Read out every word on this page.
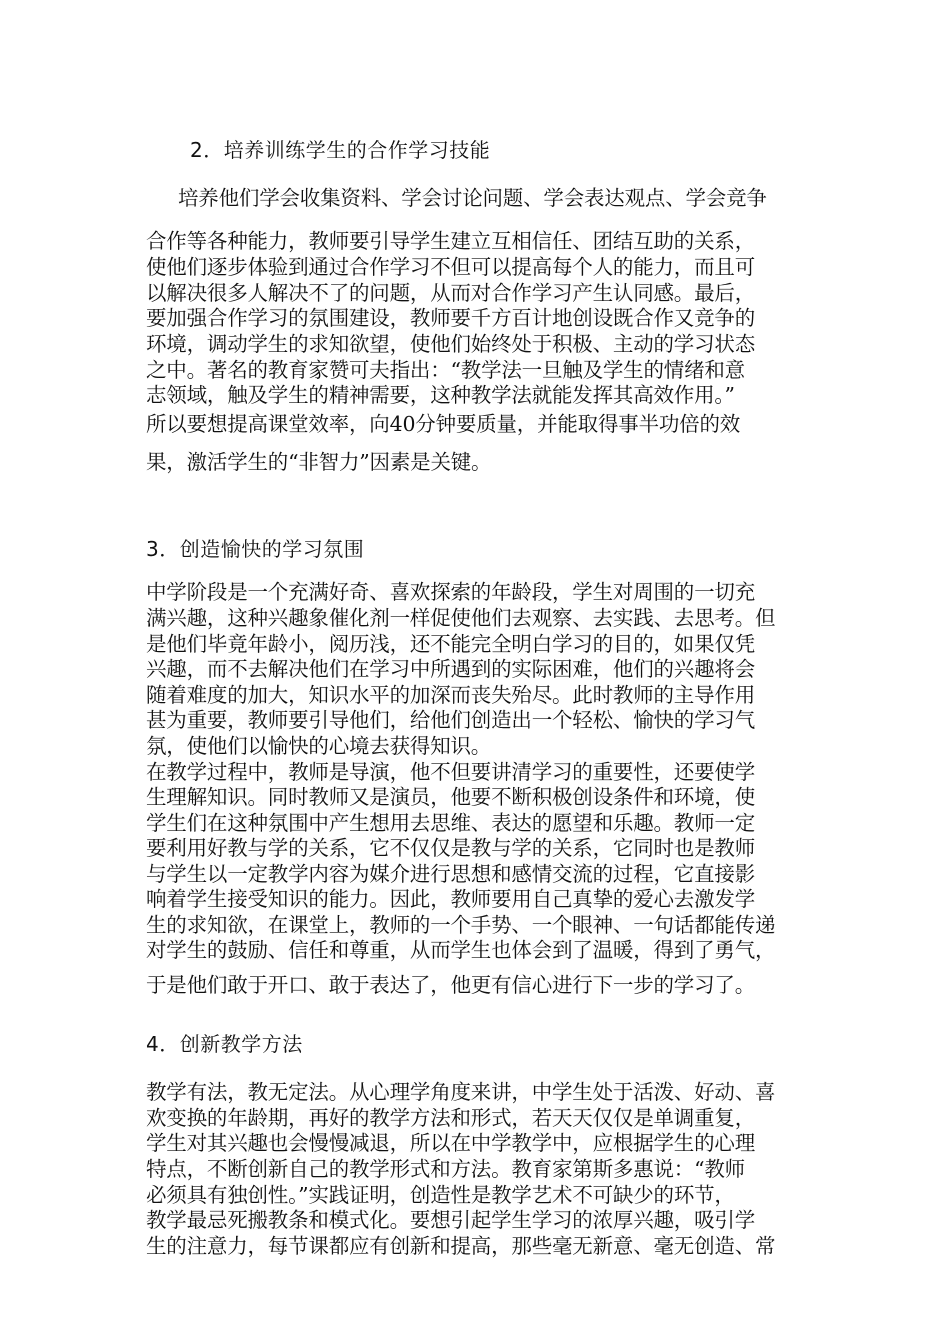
2．培养训练学生的合作学习技能
培养他们学会收集资料、学会讨论问题、学会表达观点、学会竞争
合作等各种能力，教师要引导学生建立互相信任、团结互助的关系，
使他们逐步体验到通过合作学习不但可以提高每个人的能力，而且可
以解决很多人解决不了的问题，从而对合作学习产生认同感。最后，
要加强合作学习的氛围建设，教师要千方百计地创设既合作又竞争的
环境，调动学生的求知欲望，使他们始终处于积极、主动的学习状态
之中。著名的教育家赞可夫指出：“教学法一旦触及学生的情绪和意
志领域，触及学生的精神需要，这种教学法就能发挥其高效作用。”
所以要想提高课堂效率，向40分钟要质量，并能取得事半功倍的效
果，激活学生的“非智力”因素是关键。
3．创造愉快的学习氛围
中学阶段是一个充满好奇、喜欢探索的年龄段，学生对周围的一切充
满兴趣，这种兴趣象催化剂一样促使他们去观察、去实践、去思考。但
是他们毕竟年龄小，阅历浅，还不能完全明白学习的目的，如果仅凭
兴趣，而不去解决他们在学习中所遇到的实际困难，他们的兴趣将会
随着难度的加大，知识水平的加深而丧失殆尽。此时教师的主导作用
甚为重要，教师要引导他们，给他们创造出一个轻松、愉快的学习气
氛，使他们以愉快的心境去获得知识。
在教学过程中，教师是导演，他不但要讲清学习的重要性，还要使学
生理解知识。同时教师又是演员，他要不断积极创设条件和环境，使
学生们在这种氛围中产生想用去思维、表达的愿望和乐趣。教师一定
要利用好教与学的关系，它不仅仅是教与学的关系，它同时也是教师
与学生以一定教学内容为媒介进行思想和感情交流的过程，它直接影
响着学生接受知识的能力。因此，教师要用自己真挚的爱心去激发学
生的求知欲，在课堂上，教师的一个手势、一个眼神、一句话都能传递
对学生的鼓励、信任和尊重，从而学生也体会到了温暖，得到了勇气，
于是他们敢于开口、敢于表达了，他更有信心进行下一步的学习了。
4．创新教学方法
教学有法，教无定法。从心理学角度来讲，中学生处于活泼、好动、喜
欢变换的年龄期，再好的教学方法和形式，若天天仅仅是单调重复，
学生对其兴趣也会慢慢减退，所以在中学教学中，应根据学生的心理
特点，不断创新自己的教学形式和方法。教育家第斯多惠说：“教师
必须具有独创性。”实践证明，创造性是教学艺术不可缺少的环节，
教学最忌死搬教条和模式化。要想引起学生学习的浓厚兴趣，吸引学
生的注意力，每节课都应有创新和提高，那些毫无新意、毫无创造、常
